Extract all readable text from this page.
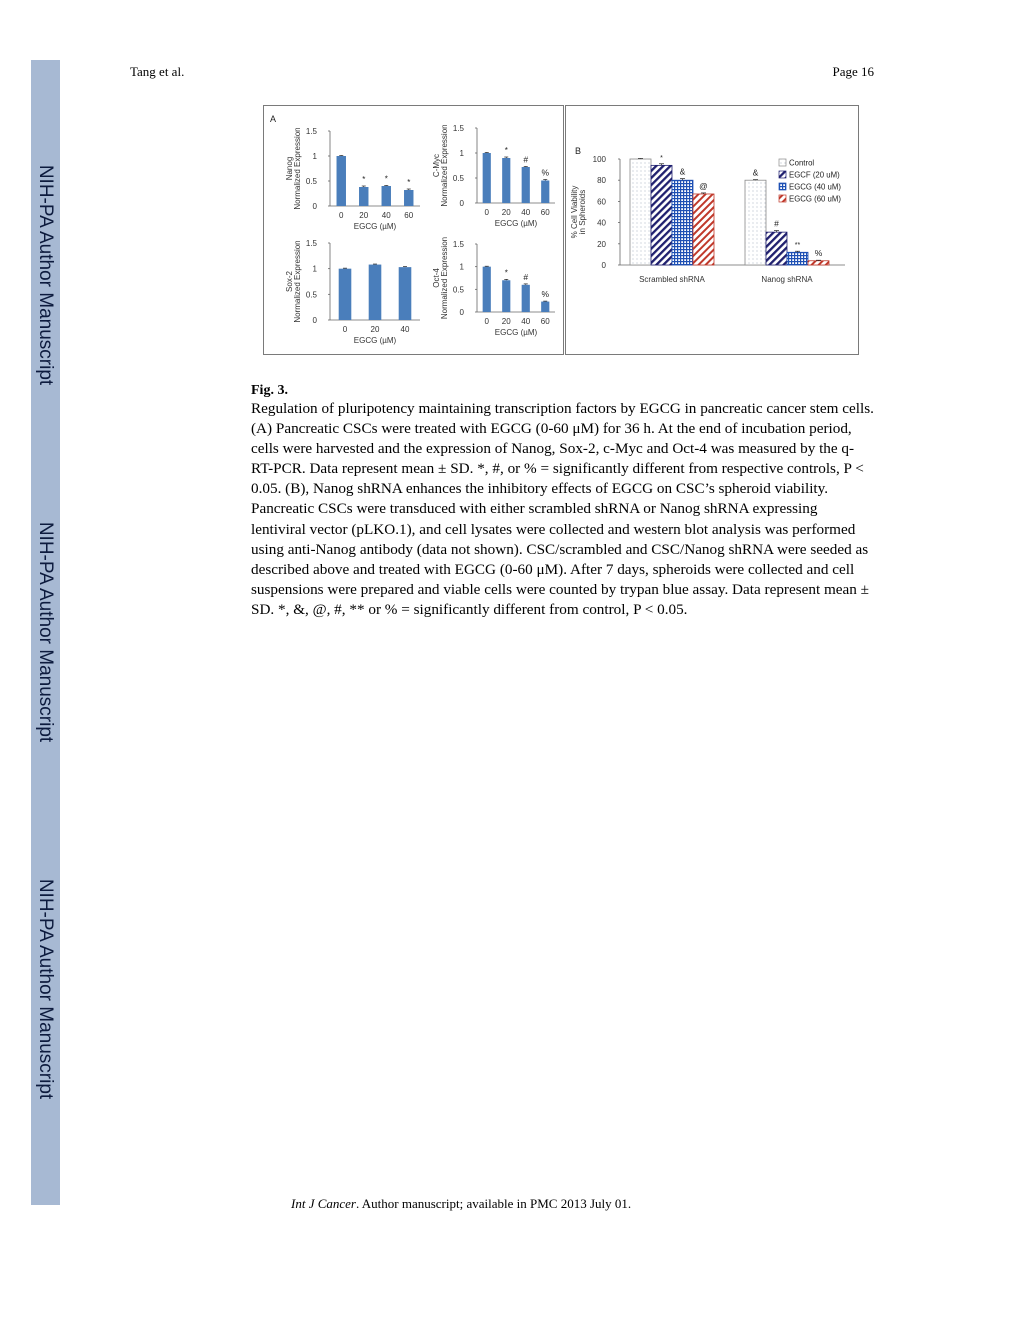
NIH-PA Author Manuscript
NIH-PA Author Manuscript
NIH-PA Author Manuscript
Tang et al.	Page 16
A
B
0
0.5
1
1.5
Nanog Normalized Expression
0
*
20
*
40
*
60
EGCG (µM)
0
0.5
1
1.5
C-Myc Normalized Expression
0
*
20
#
40
%
60
EGCG (µM)
0
0.5
1
1.5
Sox-2 Normalized Expression
0	20	40
EGCG (µM)
0
0.5
1
1.5
Oct-4 Normalized Expression
0
*
20
#
40
%
60
EGCG (µM)
0
20
40
60
80
100
% Cell Viability in Spheroids
*
&
@
Scrambled shRNA
&
#
**
%
Nanog shRNA
Control
EGCF (20 uM)
EGCG (40 uM)
EGCG (60 uM)
Fig. 3.
Regulation of pluripotency maintaining transcription factors by EGCG in pancreatic cancer stem cells. (A) Pancreatic CSCs were treated with EGCG (0-60 μM) for 36 h. At the end of incubation period, cells were harvested and the expression of Nanog, Sox-2, c-Myc and Oct-4 was measured by the q-RT-PCR. Data represent mean ± SD. *, #, or % = significantly different from respective controls, P < 0.05. (B), Nanog shRNA enhances the inhibitory effects of EGCG on CSC’s spheroid viability. Pancreatic CSCs were transduced with either scrambled shRNA or Nanog shRNA expressing lentiviral vector (pLKO.1), and cell lysates were collected and western blot analysis was performed using anti-Nanog antibody (data not shown). CSC/scrambled and CSC/Nanog shRNA were seeded as described above and treated with EGCG (0-60 μM). After 7 days, spheroids were collected and cell suspensions were prepared and viable cells were counted by trypan blue assay. Data represent mean ± SD. *, &, @, #, ** or % = significantly different from control, P < 0.05.
Int J Cancer. Author manuscript; available in PMC 2013 July 01.
